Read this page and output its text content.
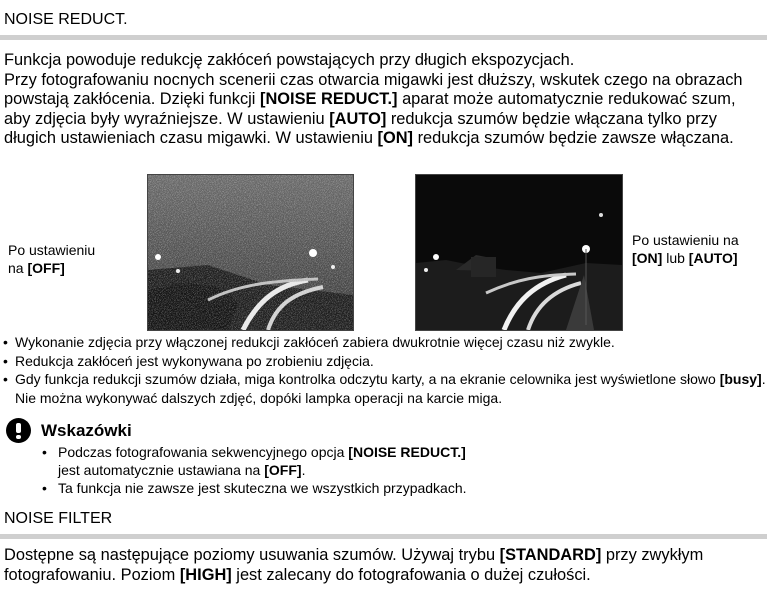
NOISE REDUCT.
Funkcja powoduje redukcję zakłóceń powstających przy długich ekspozycjach.
Przy fotografowaniu nocnych scenerii czas otwarcia migawki jest dłuższy, wskutek czego na obrazach powstają zakłócenia. Dzięki funkcji [NOISE REDUCT.] aparat może automatycznie redukować szum, aby zdjęcia były wyraźniejsze. W ustawieniu [AUTO] redukcja szumów będzie włączana tylko przy długich ustawieniach czasu migawki. W ustawieniu [ON] redukcja szumów będzie zawsze włączana.
Po ustawieniu
na [OFF]
Po ustawieniu na
[ON] lub [AUTO]
• Wykonanie zdjęcia przy włączonej redukcji zakłóceń zabiera dwukrotnie więcej czasu niż zwykle.
• Redukcja zakłóceń jest wykonywana po zrobieniu zdjęcia.
• Gdy funkcja redukcji szumów działa, miga kontrolka odczytu karty, a na ekranie celownika jest wyświetlone słowo [busy]. Nie można wykonywać dalszych zdjęć, dopóki lampka operacji na karcie miga.
Wskazówki
• Podczas fotografowania sekwencyjnego opcja [NOISE REDUCT.]
jest automatycznie ustawiana na [OFF].
• Ta funkcja nie zawsze jest skuteczna we wszystkich przypadkach.
NOISE FILTER
Dostępne są następujące poziomy usuwania szumów. Używaj trybu [STANDARD] przy zwykłym fotografowaniu. Poziom [HIGH] jest zalecany do fotografowania o dużej czułości.
